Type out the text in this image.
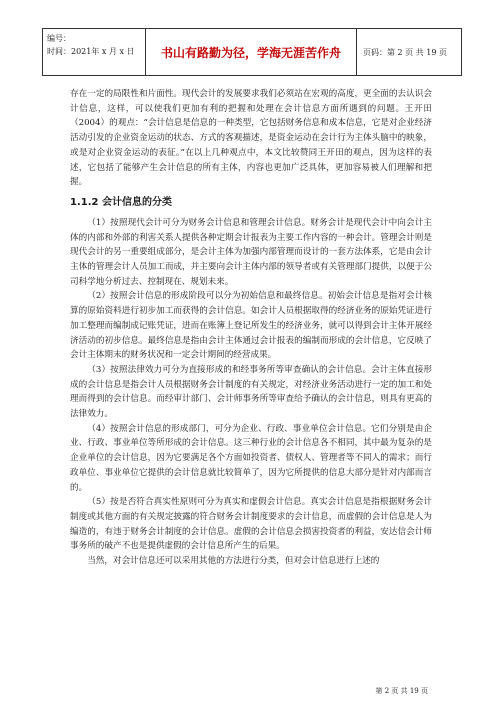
编号：
时间：2021年 x 月 x 日	书山有路勤为径，学海无涯苦作舟	页码：第 2 页 共 19 页

存在一定的局限性和片面性。现代会计的发展要求我们必须站在宏观的高度，更全面的去认识会计信息，这样，可以使我们更加有利的把握和处理在会计信息方面所遇到的问题。王开田（2004）的观点：“会计信息是信息的一种类型，它包括财务信息和成本信息，它是对企业经济活动引发的企业资金运动的状态、方式的客观描述，是资金运动在会计行为主体头脑中的映象，或是对企业资金运动的表征。”在以上几种观点中，本文比较赞同王开田的观点，因为这样的表述，它包括了能够产生会计信息的所有主体，内容也更加广泛具体，更加容易被人们理解和把握。

1.1.2 会计信息的分类

（1）按照现代会计可分为财务会计信息和管理会计信息。财务会计是现代会计中向会计主体的内部和外部的利害关系人提供各种定期会计报表为主要工作内容的一种会计。管理会计则是现代会计的另一重要组成部分，是会计主体为加强内部管理而设计的一套方法体系，它是由会计主体的管理会计人员加工而成，并主要向会计主体内部的领导者或有关管理部门提供，以便于公司科学地分析过去、控制现在、规划未来。

（2）按照会计信息的形成阶段可以分为初始信息和最终信息。初始会计信息是指对会计核算的原始资料进行初步加工而获得的会计信息。如会计人员根据取得的经济业务的原始凭证进行加工整理而编制成记账凭证，进而在账簿上登记所发生的经济业务，就可以得到会计主体开展经济活动的初步信息。最终信息是指由会计主体通过会计报表的编制而形成的会计信息，它反映了会计主体期末的财务状况和一定会计期间的经营成果。

（3）按照法律效力可分为直接形成的和经事务所等审查确认的会计信息。会计主体直接形成的会计信息是指会计人员根据财务会计制度的有关规定，对经济业务活动进行一定的加工和处理而得到的会计信息。而经审计部门、会计师事务所等审查给予确认的会计信息，则具有更高的法律效力。

（4）按照会计信息的形成部门，可分为企业、行政、事业单位会计信息。它们分别是由企业、行政、事业单位等所形成的会计信息。这三种行业的会计信息各不相同，其中最为复杂的是企业单位的会计信息，因为它要满足各个方面如投资者、债权人、管理者等不同人的需求；而行政单位、事业单位它提供的会计信息就比较简单了，因为它所提供的信息大部分是针对内部而言的。

（5）按是否符合真实性原则可分为真实和虚假会计信息。真实会计信息是指根据财务会计制度或其他方面的有关规定披露的符合财务会计制度要求的会计信息，而虚假的会计信息是人为编造的，有违于财务会计制度的会计信息。虚假的会计信息会损害投资者的利益，安达信会计师事务所的破产不也是提供虚假的会计信息所产生的后果。

当然，对会计信息还可以采用其他的方法进行分类，但对会计信息进行上述的

第 2 页 共 19 页
